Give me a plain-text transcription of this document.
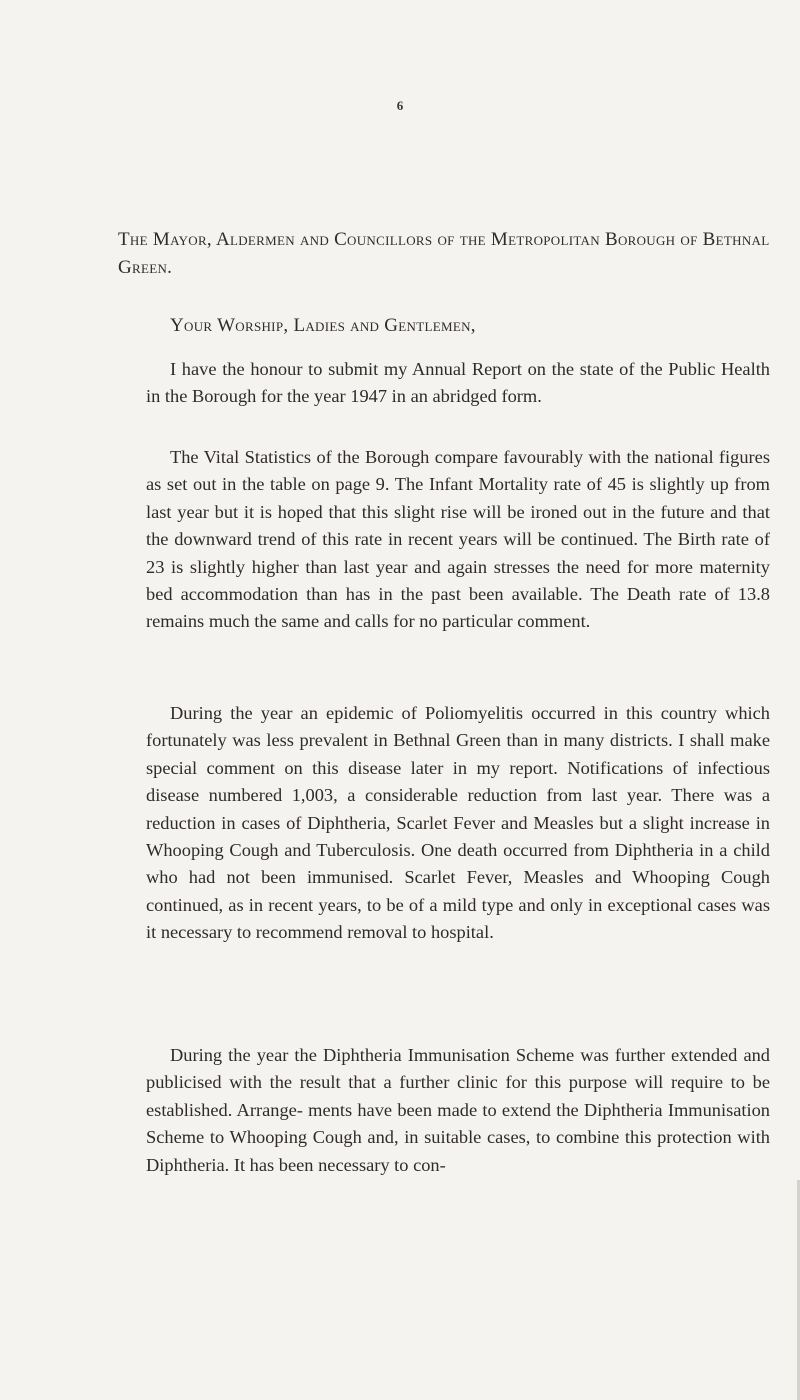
6

The Mayor, Aldermen and Councillors of the Metropolitan Borough of Bethnal Green.

Your Worship, Ladies and Gentlemen,

I have the honour to submit my Annual Report on the state of the Public Health in the Borough for the year 1947 in an abridged form.

The Vital Statistics of the Borough compare favourably with the national figures as set out in the table on page 9. The Infant Mortality rate of 45 is slightly up from last year but it is hoped that this slight rise will be ironed out in the future and that the downward trend of this rate in recent years will be continued. The Birth rate of 23 is slightly higher than last year and again stresses the need for more maternity bed accommodation than has in the past been available. The Death rate of 13.8 remains much the same and calls for no particular comment.

During the year an epidemic of Poliomyelitis occurred in this country which fortunately was less prevalent in Bethnal Green than in many districts. I shall make special comment on this disease later in my report. Notifications of infectious disease numbered 1,003, a considerable reduction from last year. There was a reduction in cases of Diphtheria, Scarlet Fever and Measles but a slight increase in Whooping Cough and Tuberculosis. One death occurred from Diphtheria in a child who had not been immunised. Scarlet Fever, Measles and Whooping Cough continued, as in recent years, to be of a mild type and only in exceptional cases was it necessary to recommend removal to hospital.

During the year the Diphtheria Immunisation Scheme was further extended and publicised with the result that a further clinic for this purpose will require to be established. Arrange- ments have been made to extend the Diphtheria Immunisation Scheme to Whooping Cough and, in suitable cases, to combine this protection with Diphtheria. It has been necessary to con-
